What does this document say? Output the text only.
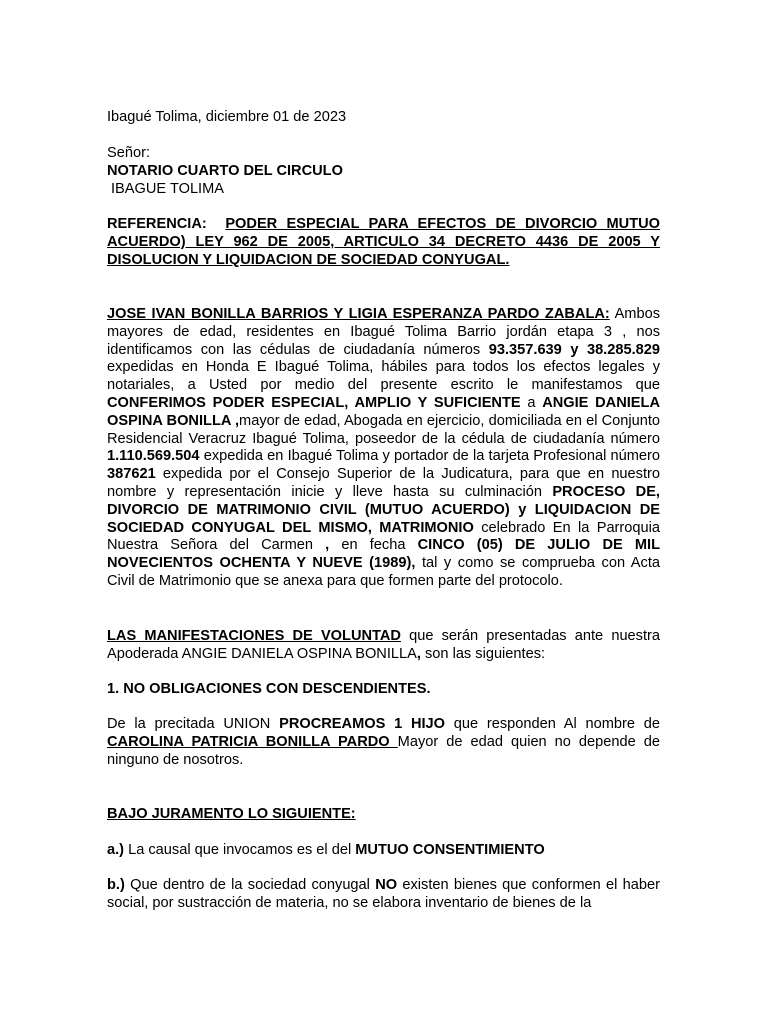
Ibagué Tolima, diciembre 01 de 2023

Señor:

NOTARIO CUARTO DEL CIRCULO

IBAGUE TOLIMA

REFERENCIA: PODER ESPECIAL PARA EFECTOS DE DIVORCIO MUTUO ACUERDO) LEY 962 DE 2005, ARTICULO 34 DECRETO 4436 DE 2005 Y DISOLUCION Y LIQUIDACION DE SOCIEDAD CONYUGAL.

JOSE IVAN BONILLA BARRIOS Y LIGIA ESPERANZA PARDO ZABALA: Ambos mayores de edad, residentes en Ibagué Tolima Barrio jordán etapa 3 , nos identificamos con las cédulas de ciudadanía números 93.357.639 y 38.285.829 expedidas en Honda E Ibagué Tolima, hábiles para todos los efectos legales y notariales, a Usted por medio del presente escrito le manifestamos que CONFERIMOS PODER ESPECIAL, AMPLIO Y SUFICIENTE a ANGIE DANIELA OSPINA BONILLA ,mayor de edad, Abogada en ejercicio, domiciliada en el Conjunto Residencial Veracruz Ibagué Tolima, poseedor de la cédula de ciudadanía número 1.110.569.504 expedida en Ibagué Tolima y portador de la tarjeta Profesional número 387621 expedida por el Consejo Superior de la Judicatura, para que en nuestro nombre y representación inicie y lleve hasta su culminación PROCESO DE, DIVORCIO DE MATRIMONIO CIVIL (MUTUO ACUERDO) y LIQUIDACION DE SOCIEDAD CONYUGAL DEL MISMO, MATRIMONIO celebrado En la Parroquia Nuestra Señora del Carmen , en fecha CINCO (05) DE JULIO DE MIL NOVECIENTOS OCHENTA Y NUEVE (1989), tal y como se comprueba con Acta Civil de Matrimonio que se anexa para que formen parte del protocolo.

LAS MANIFESTACIONES DE VOLUNTAD que serán presentadas ante nuestra Apoderada ANGIE DANIELA OSPINA BONILLA, son las siguientes:

1. NO OBLIGACIONES CON DESCENDIENTES.

De la precitada UNION PROCREAMOS 1 HIJO que responden Al nombre de CAROLINA PATRICIA BONILLA PARDO Mayor de edad quien no depende de ninguno de nosotros.

BAJO JURAMENTO LO SIGUIENTE:

a.) La causal que invocamos es el del MUTUO CONSENTIMIENTO

b.) Que dentro de la sociedad conyugal NO existen bienes que conformen el haber social, por sustracción de materia, no se elabora inventario de bienes de la
